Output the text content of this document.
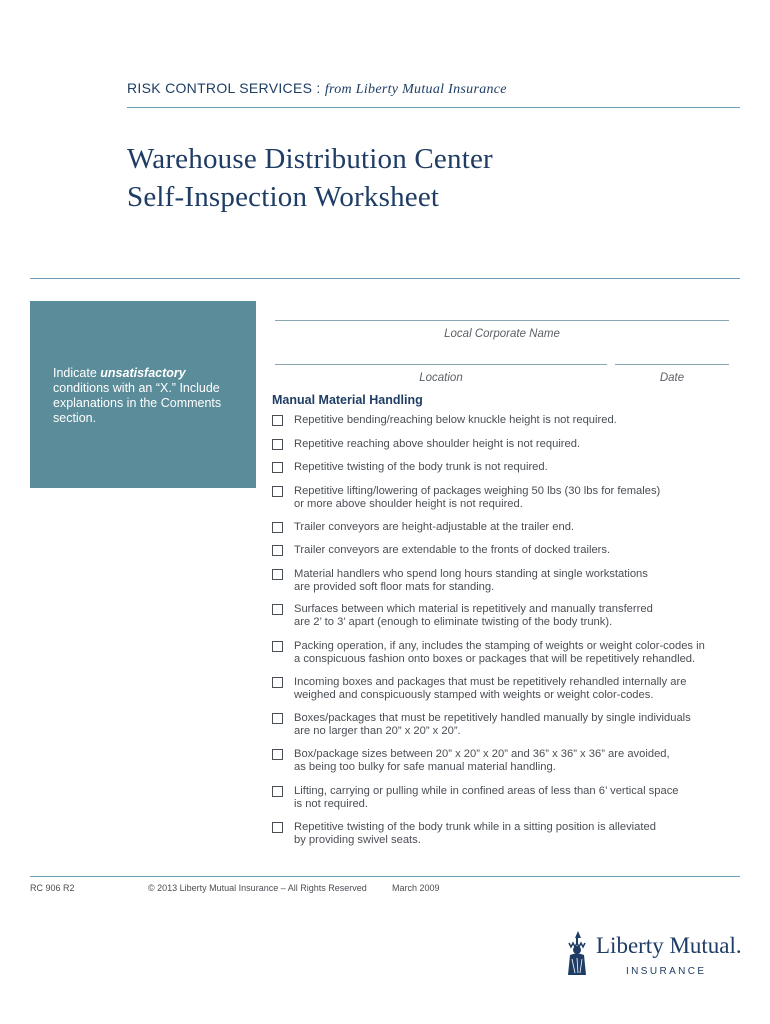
RISK CONTROL SERVICES : from Liberty Mutual Insurance
Warehouse Distribution Center
Self-Inspection Worksheet
Indicate unsatisfactory conditions with an “X.” Include explanations in the Comments section.
Local Corporate Name
Location	Date
Manual Material Handling
Repetitive bending/reaching below knuckle height is not required.
Repetitive reaching above shoulder height is not required.
Repetitive twisting of the body trunk is not required.
Repetitive lifting/lowering of packages weighing 50 lbs (30 lbs for females)
or more above shoulder height is not required.
Trailer conveyors are height-adjustable at the trailer end.
Trailer conveyors are extendable to the fronts of docked trailers.
Material handlers who spend long hours standing at single workstations
are provided soft floor mats for standing.
Surfaces between which material is repetitively and manually transferred
are 2’ to 3’ apart (enough to eliminate twisting of the body trunk).
Packing operation, if any, includes the stamping of weights or weight color-codes in
a conspicuous fashion onto boxes or packages that will be repetitively rehandled.
Incoming boxes and packages that must be repetitively rehandled internally are
weighed and conspicuously stamped with weights or weight color-codes.
Boxes/packages that must be repetitively handled manually by single individuals
are no larger than 20” x 20” x 20”.
Box/package sizes between 20” x 20” x 20” and 36” x 36” x 36” are avoided,
as being too bulky for safe manual material handling.
Lifting, carrying or pulling while in confined areas of less than 6’ vertical space
is not required.
Repetitive twisting of the body trunk while in a sitting position is alleviated
by providing swivel seats.
RC 906 R2	© 2013 Liberty Mutual Insurance – All Rights Reserved	March 2009
Liberty Mutual.
INSURANCE
